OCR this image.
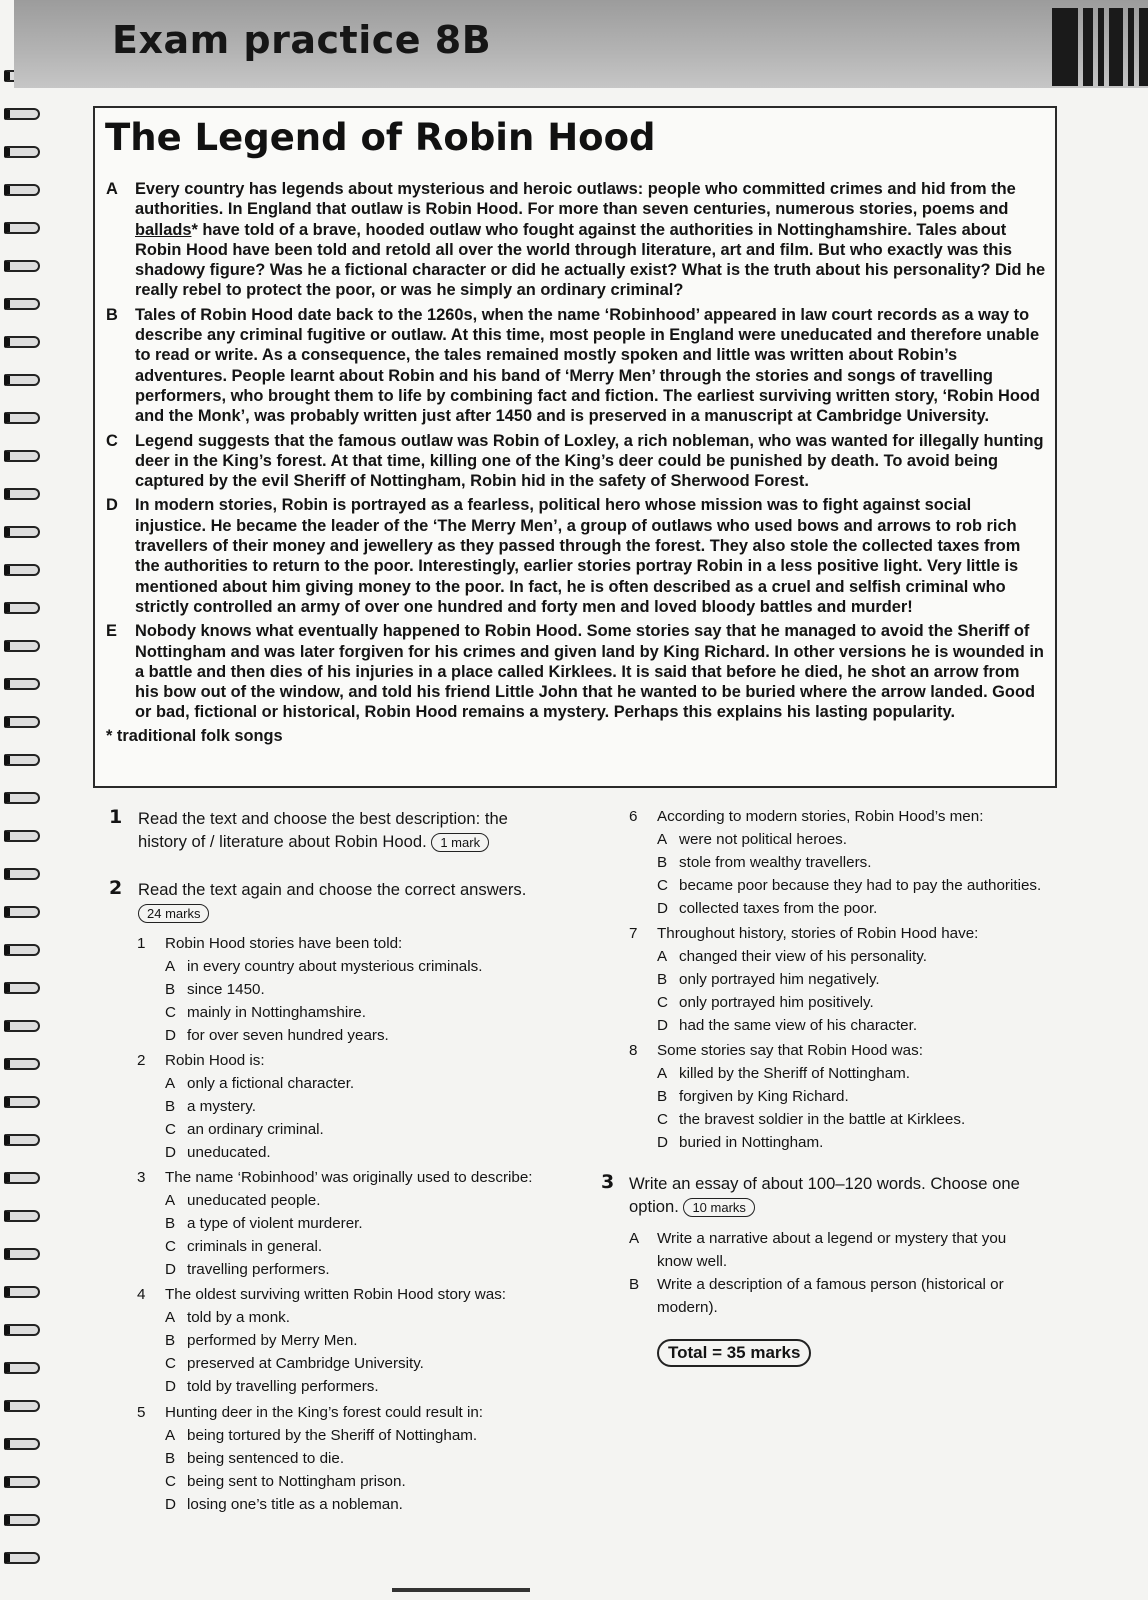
Exam practice 8B
The Legend of Robin Hood
A	Every country has legends about mysterious and heroic outlaws: people who committed crimes and hid from the authorities. In England that outlaw is Robin Hood. For more than seven centuries, numerous stories, poems and ballads* have told of a brave, hooded outlaw who fought against the authorities in Nottinghamshire. Tales about Robin Hood have been told and retold all over the world through literature, art and film. But who exactly was this shadowy figure? Was he a fictional character or did he actually exist? What is the truth about his personality? Did he really rebel to protect the poor, or was he simply an ordinary criminal?
B	Tales of Robin Hood date back to the 1260s, when the name ‘Robinhood’ appeared in law court records as a way to describe any criminal fugitive or outlaw. At this time, most people in England were uneducated and therefore unable to read or write. As a consequence, the tales remained mostly spoken and little was written about Robin’s adventures. People learnt about Robin and his band of ‘Merry Men’ through the stories and songs of travelling performers, who brought them to life by combining fact and fiction. The earliest surviving written story, ‘Robin Hood and the Monk’, was probably written just after 1450 and is preserved in a manuscript at Cambridge University.
C	Legend suggests that the famous outlaw was Robin of Loxley, a rich nobleman, who was wanted for illegally hunting deer in the King’s forest. At that time, killing one of the King’s deer could be punished by death. To avoid being captured by the evil Sheriff of Nottingham, Robin hid in the safety of Sherwood Forest.
D	In modern stories, Robin is portrayed as a fearless, political hero whose mission was to fight against social injustice. He became the leader of the ‘The Merry Men’, a group of outlaws who used bows and arrows to rob rich travellers of their money and jewellery as they passed through the forest. They also stole the collected taxes from the authorities to return to the poor. Interestingly, earlier stories portray Robin in a less positive light. Very little is mentioned about him giving money to the poor. In fact, he is often described as a cruel and selfish criminal who strictly controlled an army of over one hundred and forty men and loved bloody battles and murder!
E	Nobody knows what eventually happened to Robin Hood. Some stories say that he managed to avoid the Sheriff of Nottingham and was later forgiven for his crimes and given land by King Richard. In other versions he is wounded in a battle and then dies of his injuries in a place called Kirklees. It is said that before he died, he shot an arrow from his bow out of the window, and told his friend Little John that he wanted to be buried where the arrow landed. Good or bad, fictional or historical, Robin Hood remains a mystery. Perhaps this explains his lasting popularity.
* traditional folk songs
1 Read the text and choose the best description: the history of / literature about Robin Hood. 1 mark
2 Read the text again and choose the correct answers.
24 marks
1	Robin Hood stories have been told:
A in every country about mysterious criminals.
B since 1450.
C mainly in Nottinghamshire.
D for over seven hundred years.
2	Robin Hood is:
A only a fictional character.
B a mystery.
C an ordinary criminal.
D uneducated.
3	The name ‘Robinhood’ was originally used to describe:
A uneducated people.
B a type of violent murderer.
C criminals in general.
D travelling performers.
4	The oldest surviving written Robin Hood story was:
A told by a monk.
B performed by Merry Men.
C preserved at Cambridge University.
D told by travelling performers.
5	Hunting deer in the King’s forest could result in:
A being tortured by the Sheriff of Nottingham.
B being sentenced to die.
C being sent to Nottingham prison.
D losing one’s title as a nobleman.
6	According to modern stories, Robin Hood’s men:
A were not political heroes.
B stole from wealthy travellers.
C became poor because they had to pay the authorities.
D collected taxes from the poor.
7	Throughout history, stories of Robin Hood have:
A changed their view of his personality.
B only portrayed him negatively.
C only portrayed him positively.
D had the same view of his character.
8	Some stories say that Robin Hood was:
A killed by the Sheriff of Nottingham.
B forgiven by King Richard.
C the bravest soldier in the battle at Kirklees.
D buried in Nottingham.
3 Write an essay of about 100–120 words. Choose one option. 10 marks
A	Write a narrative about a legend or mystery that you know well.
B	Write a description of a famous person (historical or modern).
Total = 35 marks
